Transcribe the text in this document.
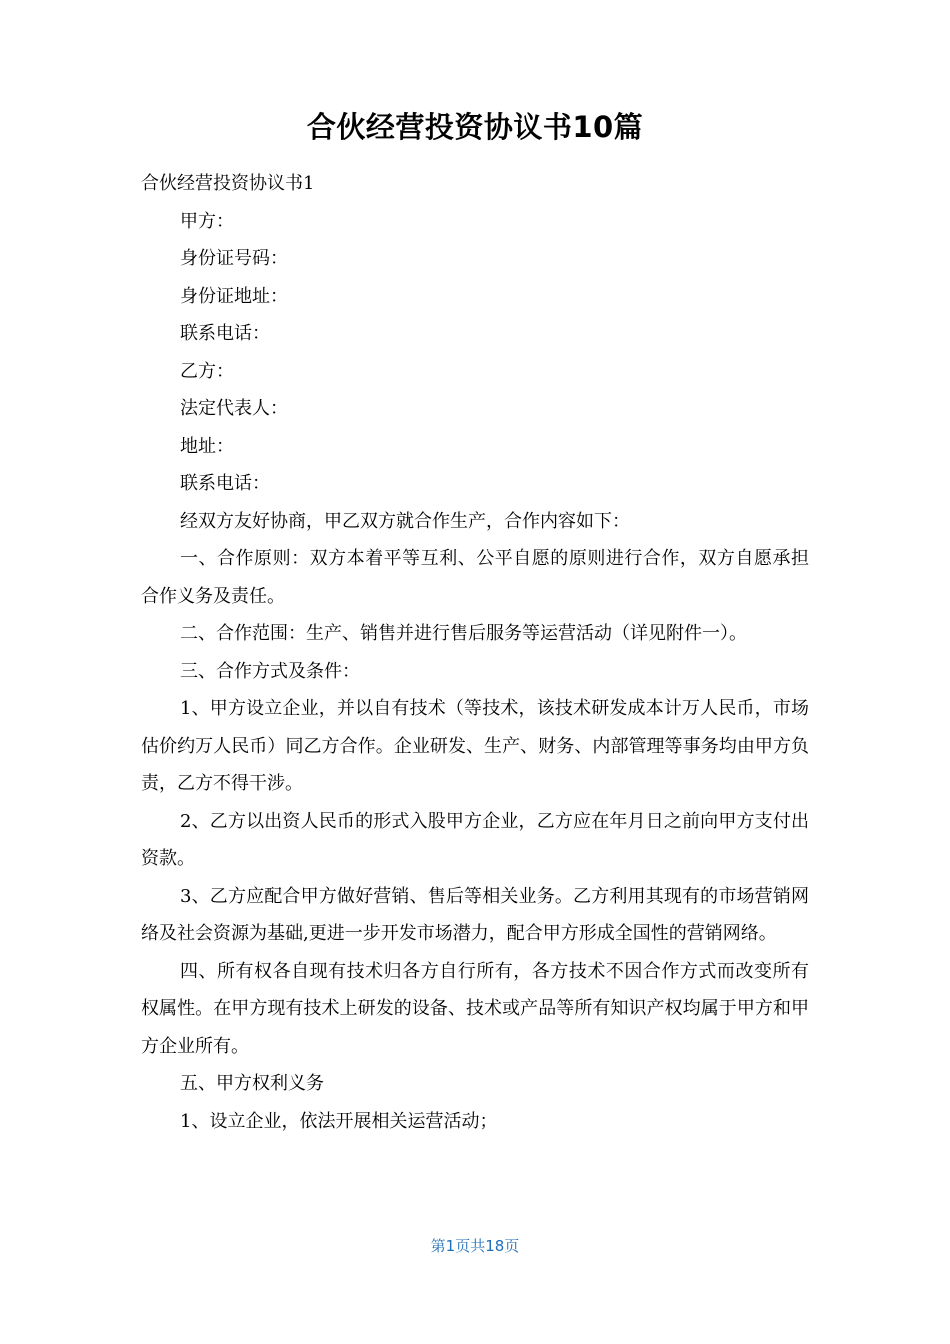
合伙经营投资协议书10篇

合伙经营投资协议书1

甲方：

身份证号码：

身份证地址：

联系电话：

乙方：

法定代表人：

地址：

联系电话：

经双方友好协商，甲乙双方就合作生产，合作内容如下：

一、合作原则：双方本着平等互利、公平自愿的原则进行合作，双方自愿承担合作义务及责任。

二、合作范围：生产、销售并进行售后服务等运营活动（详见附件一）。

三、合作方式及条件：

1、甲方设立企业，并以自有技术（等技术，该技术研发成本计万人民币，市场估价约万人民币）同乙方合作。企业研发、生产、财务、内部管理等事务均由甲方负责，乙方不得干涉。

2、乙方以出资人民币的形式入股甲方企业，乙方应在年月日之前向甲方支付出资款。

3、乙方应配合甲方做好营销、售后等相关业务。乙方利用其现有的市场营销网络及社会资源为基础,更进一步开发市场潜力，配合甲方形成全国性的营销网络。

四、所有权各自现有技术归各方自行所有，各方技术不因合作方式而改变所有权属性。在甲方现有技术上研发的设备、技术或产品等所有知识产权均属于甲方和甲方企业所有。

五、甲方权利义务

1、设立企业，依法开展相关运营活动；

第1页共18页
